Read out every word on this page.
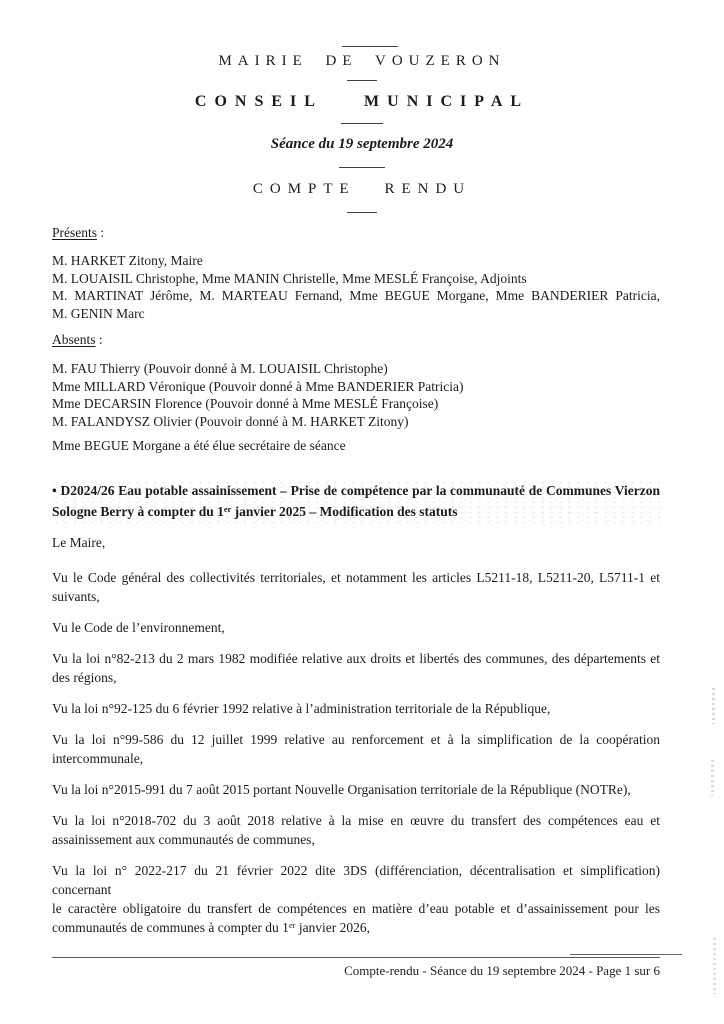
MAIRIE DE VOUZERON
CONSEIL MUNICIPAL
Séance du 19 septembre 2024
COMPTE RENDU
Présents :
M. HARKET Zitony, Maire
M. LOUAISIL Christophe, Mme MANIN Christelle, Mme MESLÉ Françoise, Adjoints
M. MARTINAT Jérôme, M. MARTEAU Fernand, Mme BEGUE Morgane, Mme BANDERIER Patricia,
M. GENIN Marc
Absents :
M. FAU Thierry (Pouvoir donné à M. LOUAISIL Christophe)
Mme MILLARD Véronique (Pouvoir donné à Mme BANDERIER Patricia)
Mme DECARSIN Florence (Pouvoir donné à Mme MESLÉ Françoise)
M. FALANDYSZ Olivier (Pouvoir donné à M. HARKET Zitony)
Mme BEGUE Morgane a été élue secrétaire de séance
• D2024/26 Eau potable assainissement – Prise de compétence par la communauté de Communes Vierzon
Sologne Berry à compter du 1er janvier 2025 – Modification des statuts
Le Maire,

Vu le Code général des collectivités territoriales, et notamment les articles L5211-18, L5211-20, L5711-1 et
suivants,

Vu le Code de l’environnement,

Vu la loi n°82-213 du 2 mars 1982 modifiée relative aux droits et libertés des communes, des départements et
des régions,

Vu la loi n°92-125 du 6 février 1992 relative à l’administration territoriale de la République,

Vu la loi n°99-586 du 12 juillet 1999 relative au renforcement et à la simplification de la coopération
intercommunale,

Vu la loi n°2015-991 du 7 août 2015 portant Nouvelle Organisation territoriale de la République (NOTRe),

Vu la loi n°2018-702 du 3 août 2018 relative à la mise en œuvre du transfert des compétences eau et
assainissement aux communautés de communes,

Vu la loi n° 2022-217 du 21 février 2022 dite 3DS (différenciation, décentralisation et simplification) concernant
le caractère obligatoire du transfert de compétences en matière d’eau potable et d’assainissement pour les
communautés de communes à compter du 1er janvier 2026,

Compte-rendu - Séance du 19 septembre 2024 - Page 1 sur 6
